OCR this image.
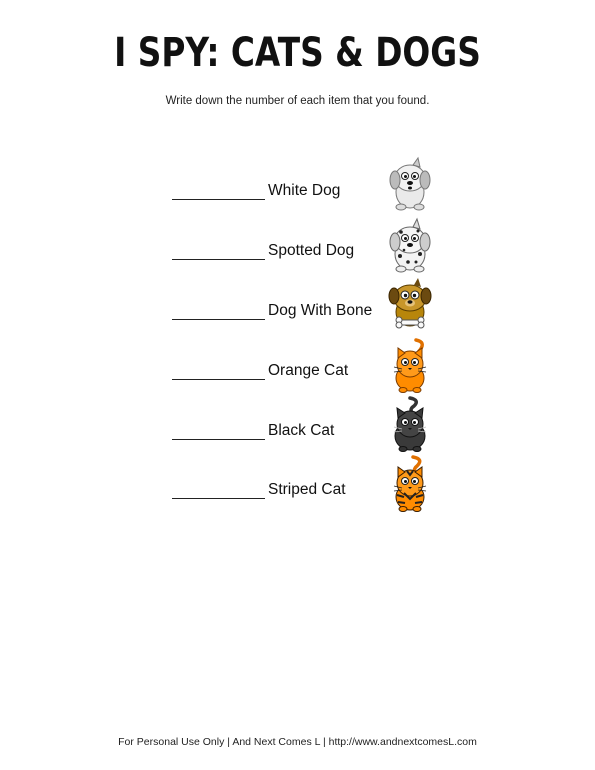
I SPY: CATS & DOGS
Write down the number of each item that you found.
White Dog
Spotted Dog
Dog With Bone
Orange Cat
Black Cat
Striped Cat
For Personal Use Only | And Next Comes L | http://www.andnextcomesL.com
